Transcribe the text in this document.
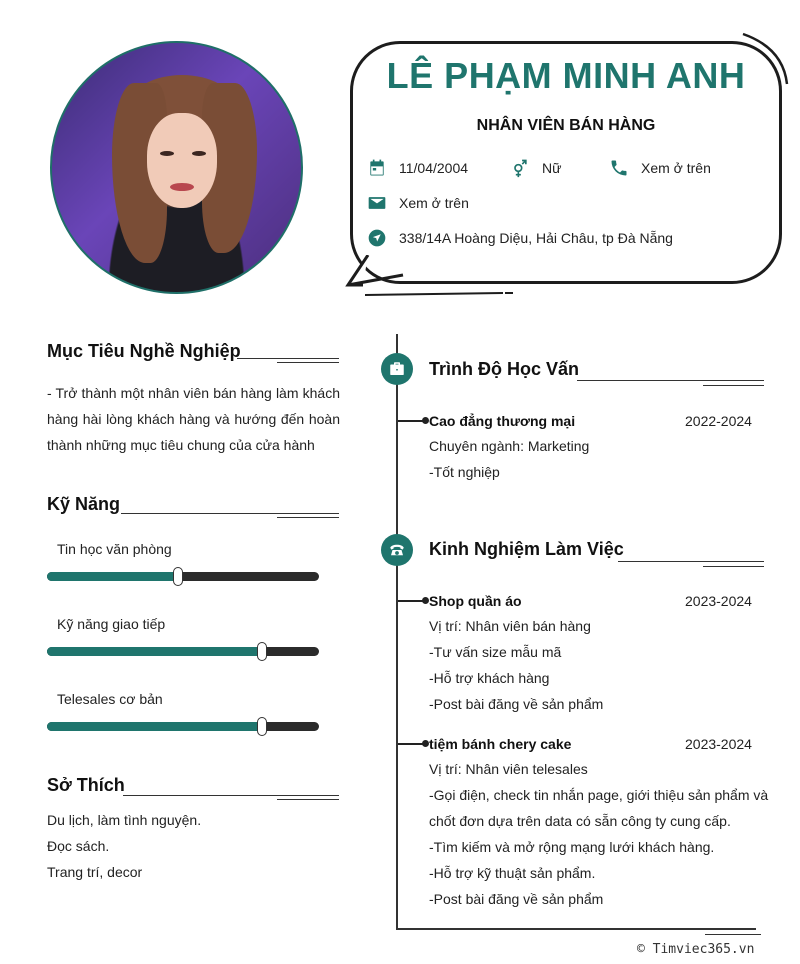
LÊ PHẠM MINH ANH
NHÂN VIÊN BÁN HÀNG
11/04/2004	Nữ	Xem ở trên
Xem ở trên
338/14A Hoàng Diệu, Hải Châu, tp Đà Nẵng
Mục Tiêu Nghề Nghiệp
- Trở thành một nhân viên bán hàng làm khách hàng hài lòng khách hàng và hướng đến hoàn thành những mục tiêu chung của cửa hành
Kỹ Năng
Tin học văn phòng
Kỹ năng giao tiếp
Telesales cơ bản
Sở Thích
Du lịch, làm tình nguyện.
Đọc sách.
Trang trí, decor
Trình Độ Học Vấn
Cao đẳng thương mại	2022-2024
Chuyên ngành: Marketing
-Tốt nghiệp
Kinh Nghiệm Làm Việc
Shop quần áo	2023-2024
Vị trí: Nhân viên bán hàng
-Tư vấn size mẫu mã
-Hỗ trợ khách hàng
-Post bài đăng về sản phẩm
tiệm bánh chery cake	2023-2024
Vị trí: Nhân viên telesales
-Gọi điện, check tin nhắn page, giới thiệu sản phẩm và
chốt đơn dựa trên data có sẵn công ty cung cấp.
-Tìm kiếm và mở rộng mạng lưới khách hàng.
-Hỗ trợ kỹ thuật sản phẩm.
-Post bài đăng về sản phẩm
© Timviec365.vn
